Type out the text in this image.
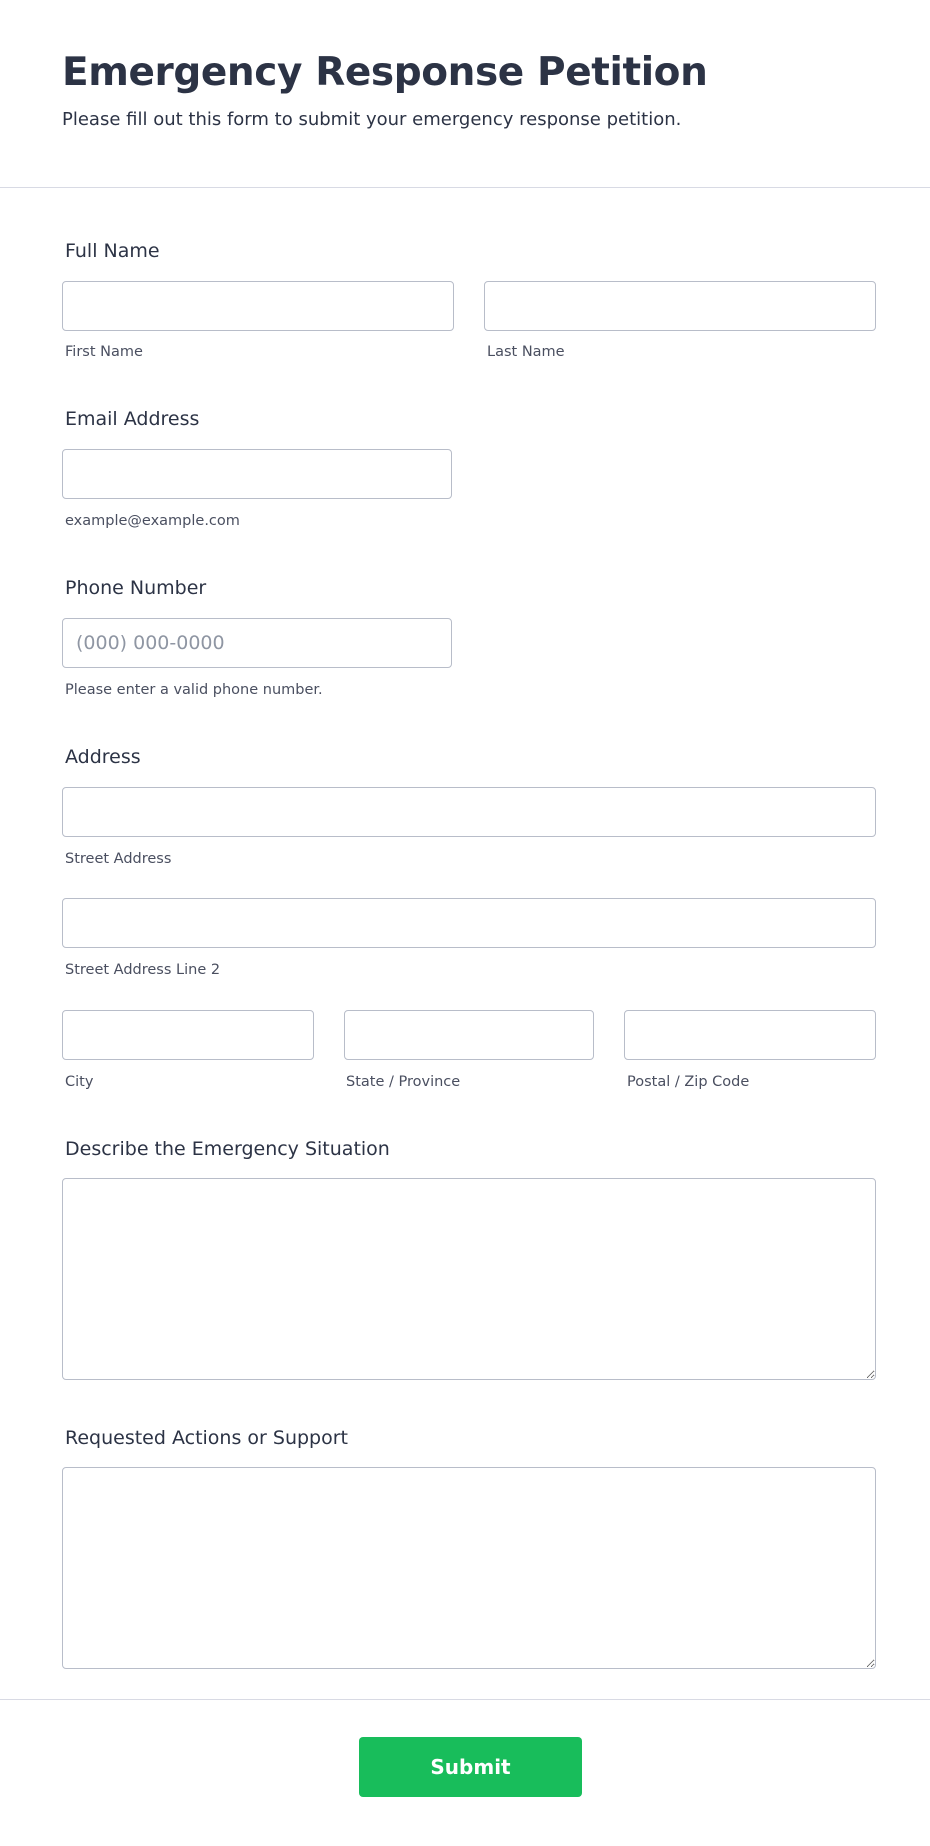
Emergency Response Petition

Please fill out this form to submit your emergency response petition.

Full Name
First Name	Last Name
Email Address
example@example.com
Phone Number
(000) 000-0000
Please enter a valid phone number.
Address
Street Address
Street Address Line 2
City	State / Province	Postal / Zip Code
Describe the Emergency Situation
Requested Actions or Support
Submit
